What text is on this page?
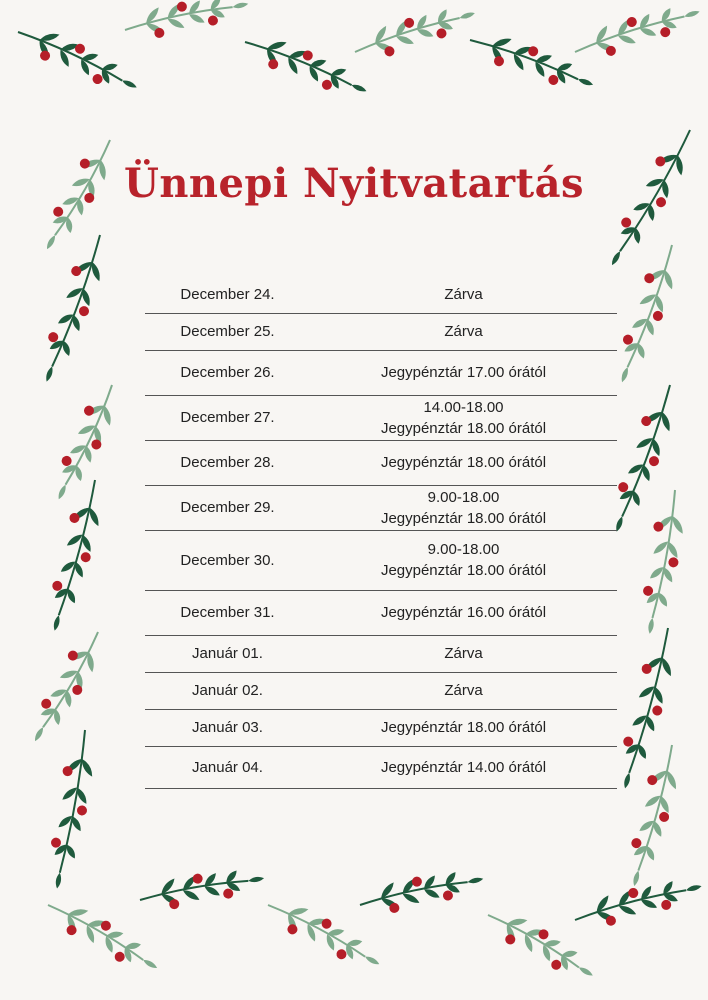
Ünnepi Nyitvatartás
December 24.	Zárva

December 25.	Zárva

December 26.	Jegypénztár 17.00 órától

December 27.	14.00-18.00
Jegypénztár 18.00 órától

December 28.	Jegypénztár 18.00 órától

December 29.	9.00-18.00
Jegypénztár 18.00 órától

December 30.	9.00-18.00
Jegypénztár 18.00 órától

December 31.	Jegypénztár 16.00 órától

Január 01.	Zárva

Január 02.	Zárva

Január 03.	Jegypénztár 18.00 órától

Január 04.	Jegypénztár 14.00 órától
